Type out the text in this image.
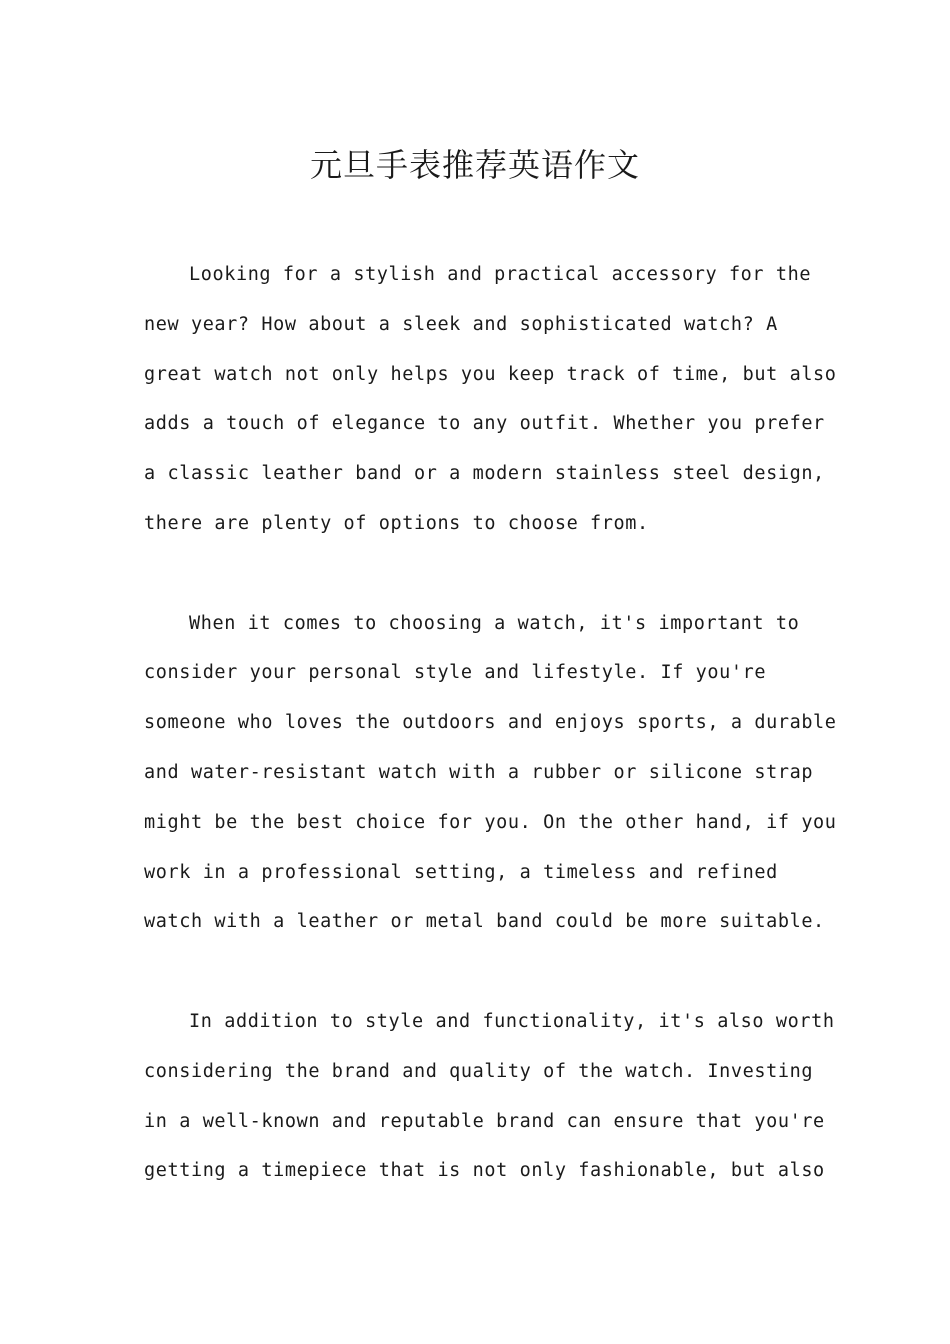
元旦手表推荐英语作文
Looking for a stylish and practical accessory for the
new year? How about a sleek and sophisticated watch? A
great watch not only helps you keep track of time, but also
adds a touch of elegance to any outfit. Whether you prefer
a classic leather band or a modern stainless steel design,
there are plenty of options to choose from.
When it comes to choosing a watch, it's important to
consider your personal style and lifestyle. If you're
someone who loves the outdoors and enjoys sports, a durable
and water-resistant watch with a rubber or silicone strap
might be the best choice for you. On the other hand, if you
work in a professional setting, a timeless and refined
watch with a leather or metal band could be more suitable.
In addition to style and functionality, it's also worth
considering the brand and quality of the watch. Investing
in a well-known and reputable brand can ensure that you're
getting a timepiece that is not only fashionable, but also
